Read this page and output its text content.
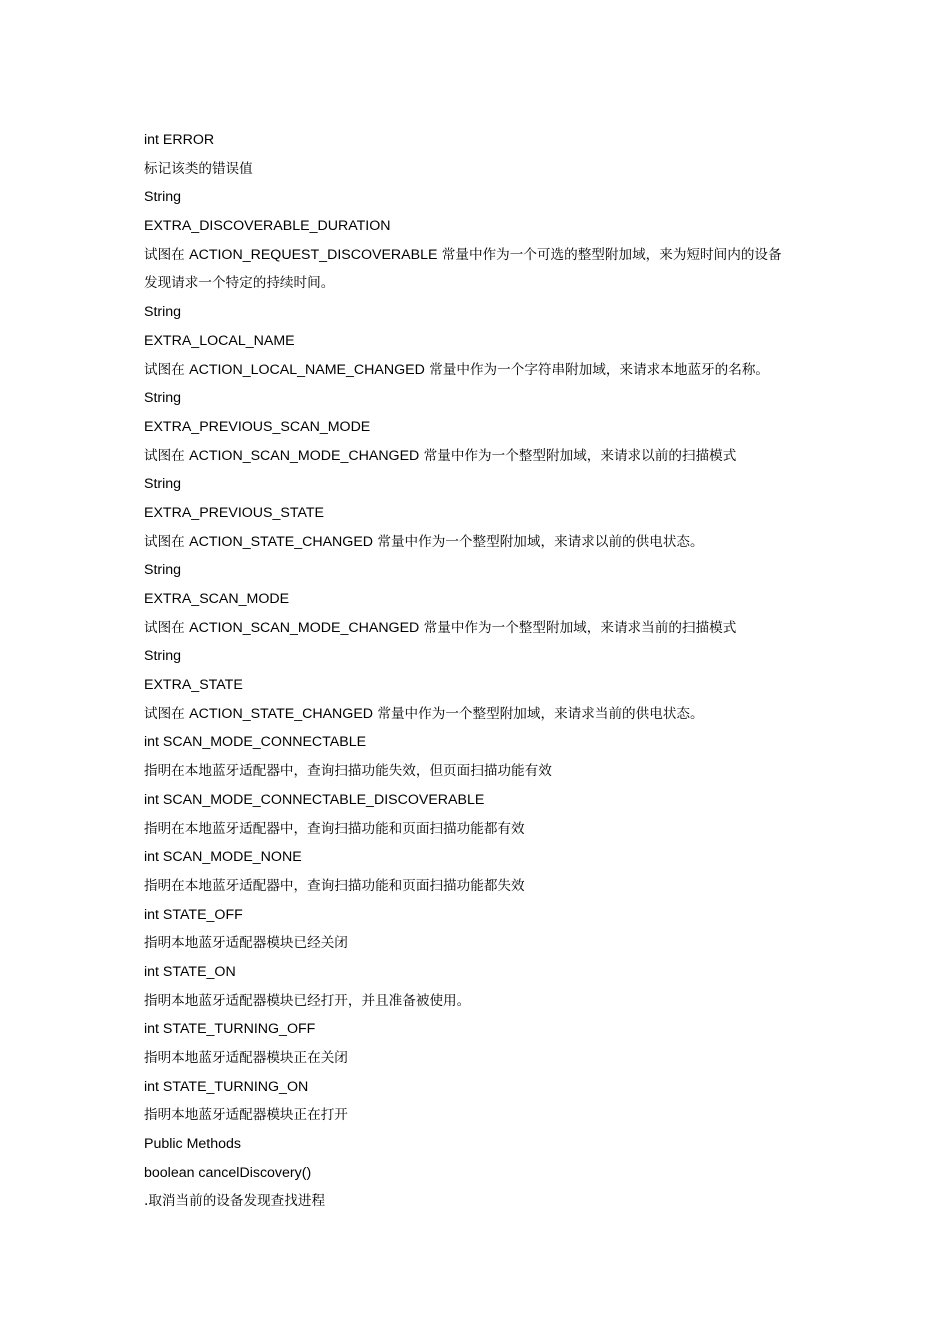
int ERROR
标记该类的错误值
String
EXTRA_DISCOVERABLE_DURATION
试图在 ACTION_REQUEST_DISCOVERABLE 常量中作为一个可选的整型附加域，来为短时间内的设备
发现请求一个特定的持续时间。
String
EXTRA_LOCAL_NAME
试图在 ACTION_LOCAL_NAME_CHANGED 常量中作为一个字符串附加域，来请求本地蓝牙的名称。
String
EXTRA_PREVIOUS_SCAN_MODE
试图在 ACTION_SCAN_MODE_CHANGED 常量中作为一个整型附加域，来请求以前的扫描模式
String
EXTRA_PREVIOUS_STATE
试图在 ACTION_STATE_CHANGED 常量中作为一个整型附加域，来请求以前的供电状态。
String
EXTRA_SCAN_MODE
试图在 ACTION_SCAN_MODE_CHANGED 常量中作为一个整型附加域，来请求当前的扫描模式
String
EXTRA_STATE
试图在 ACTION_STATE_CHANGED 常量中作为一个整型附加域，来请求当前的供电状态。
int SCAN_MODE_CONNECTABLE
指明在本地蓝牙适配器中，查询扫描功能失效，但页面扫描功能有效
int SCAN_MODE_CONNECTABLE_DISCOVERABLE
指明在本地蓝牙适配器中，查询扫描功能和页面扫描功能都有效
int SCAN_MODE_NONE
指明在本地蓝牙适配器中，查询扫描功能和页面扫描功能都失效
int STATE_OFF
指明本地蓝牙适配器模块已经关闭
int STATE_ON
指明本地蓝牙适配器模块已经打开，并且准备被使用。
int STATE_TURNING_OFF
指明本地蓝牙适配器模块正在关闭
int STATE_TURNING_ON
指明本地蓝牙适配器模块正在打开
Public Methods
boolean cancelDiscovery()
.取消当前的设备发现查找进程
